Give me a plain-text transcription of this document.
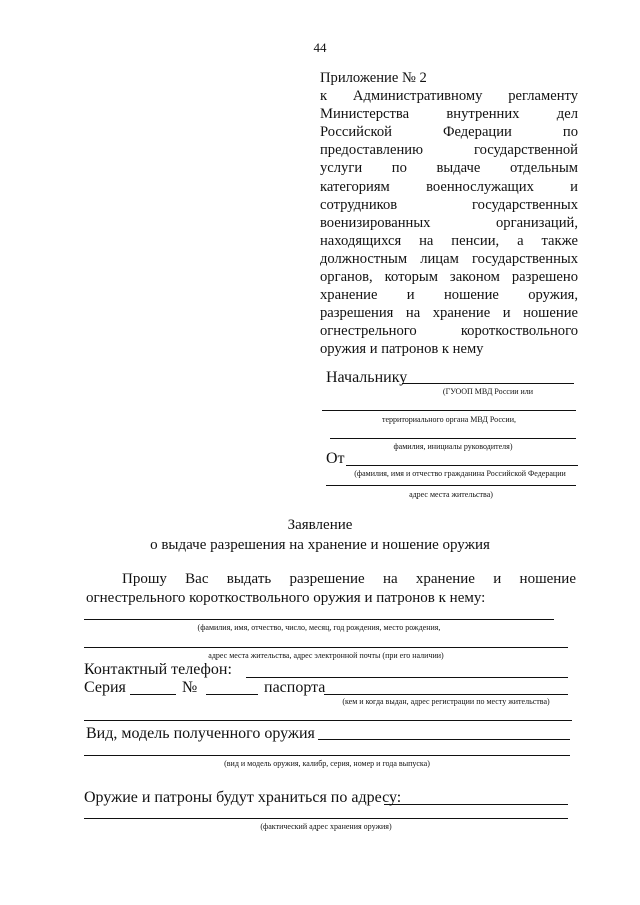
44
Приложение № 2
к Административному регламенту
Министерства внутренних дел
Российской Федерации по
предоставлению государственной
услуги по выдаче отдельным
категориям военнослужащих и
сотрудников государственных
военизированных организаций,
находящихся на пенсии, а также
должностным лицам государственных
органов, которым законом разрешено
хранение и ношение оружия,
разрешения на хранение и ношение
огнестрельного короткоствольного
оружия и патронов к нему
Начальнику
(ГУООП МВД России или
территориального органа МВД России,
фамилия, инициалы руководителя)
От
(фамилия, имя и отчество гражданина Российской Федерации
адрес места жительства)
Заявление
о выдаче разрешения на хранение и ношение оружия
Прошу Вас выдать разрешение на хранение и ношение
огнестрельного короткоствольного оружия и патронов к нему:
(фамилия, имя, отчество, число, месяц, год рождения, место рождения,
адрес места жительства, адрес электронной почты (при его наличии)
Контактный телефон:
Серия	№	паспорта
(кем и когда выдан, адрес регистрации по месту жительства)
Вид, модель полученного оружия
(вид и модель оружия, калибр, серия, номер и года выпуска)
Оружие и патроны будут храниться по адресу:
(фактический адрес хранения оружия)
